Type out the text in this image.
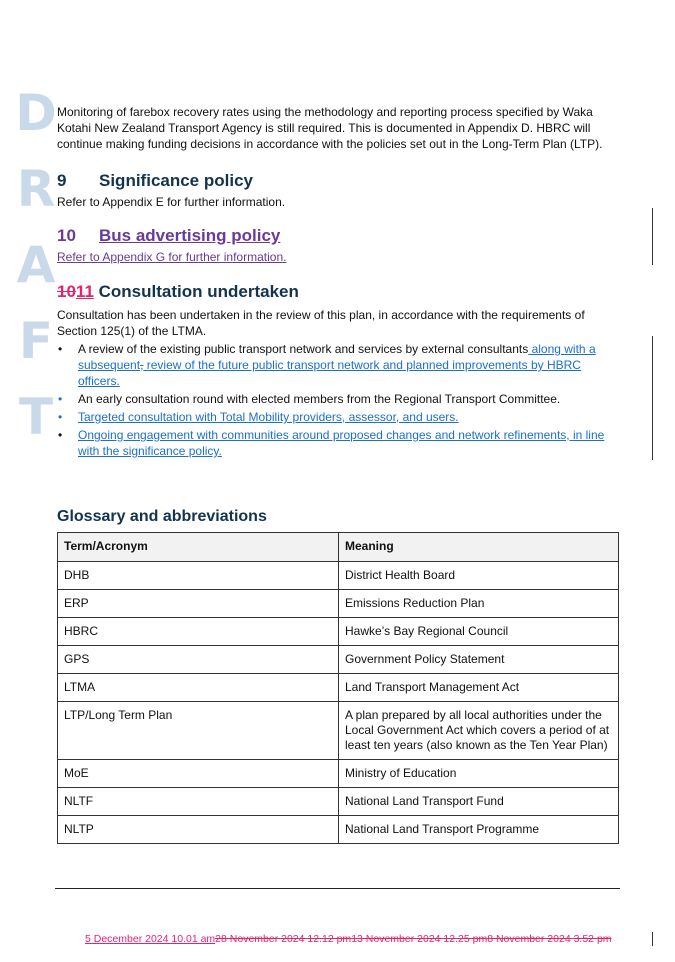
D
R
A
F
T

Monitoring of farebox recovery rates using the methodology and reporting process specified by Waka Kotahi New Zealand Transport Agency is still required. This is documented in Appendix D. HBRC will continue making funding decisions in accordance with the policies set out in the Long-Term Plan (LTP).

9 Significance policy

Refer to Appendix E for further information.

10 Bus advertising policy

Refer to Appendix G for further information.

1011 Consultation undertaken

Consultation has been undertaken in the review of this plan, in accordance with the requirements of Section 125(1) of the LTMA.

• A review of the existing public transport network and services by external consultants along with a subsequent, review of the future public transport network and planned improvements by HBRC officers.
• An early consultation round with elected members from the Regional Transport Committee.
• Targeted consultation with Total Mobility providers, assessor, and users.
• Ongoing engagement with communities around proposed changes and network refinements, in line with the significance policy.
Glossary and abbreviations
Term/Acronym	Meaning
DHB	District Health Board
ERP	Emissions Reduction Plan
HBRC	Hawke’s Bay Regional Council
GPS	Government Policy Statement
LTMA	Land Transport Management Act
LTP/Long Term Plan	A plan prepared by all local authorities under the Local Government Act which covers a period of at least ten years (also known as the Ten Year Plan)
MoE	Ministry of Education
NLTF	National Land Transport Fund
NLTP	National Land Transport Programme
5 December 2024 10.01 am28 November 2024 12.12 pm13 November 2024 12.25 pm8 November 2024 3.52 pm
